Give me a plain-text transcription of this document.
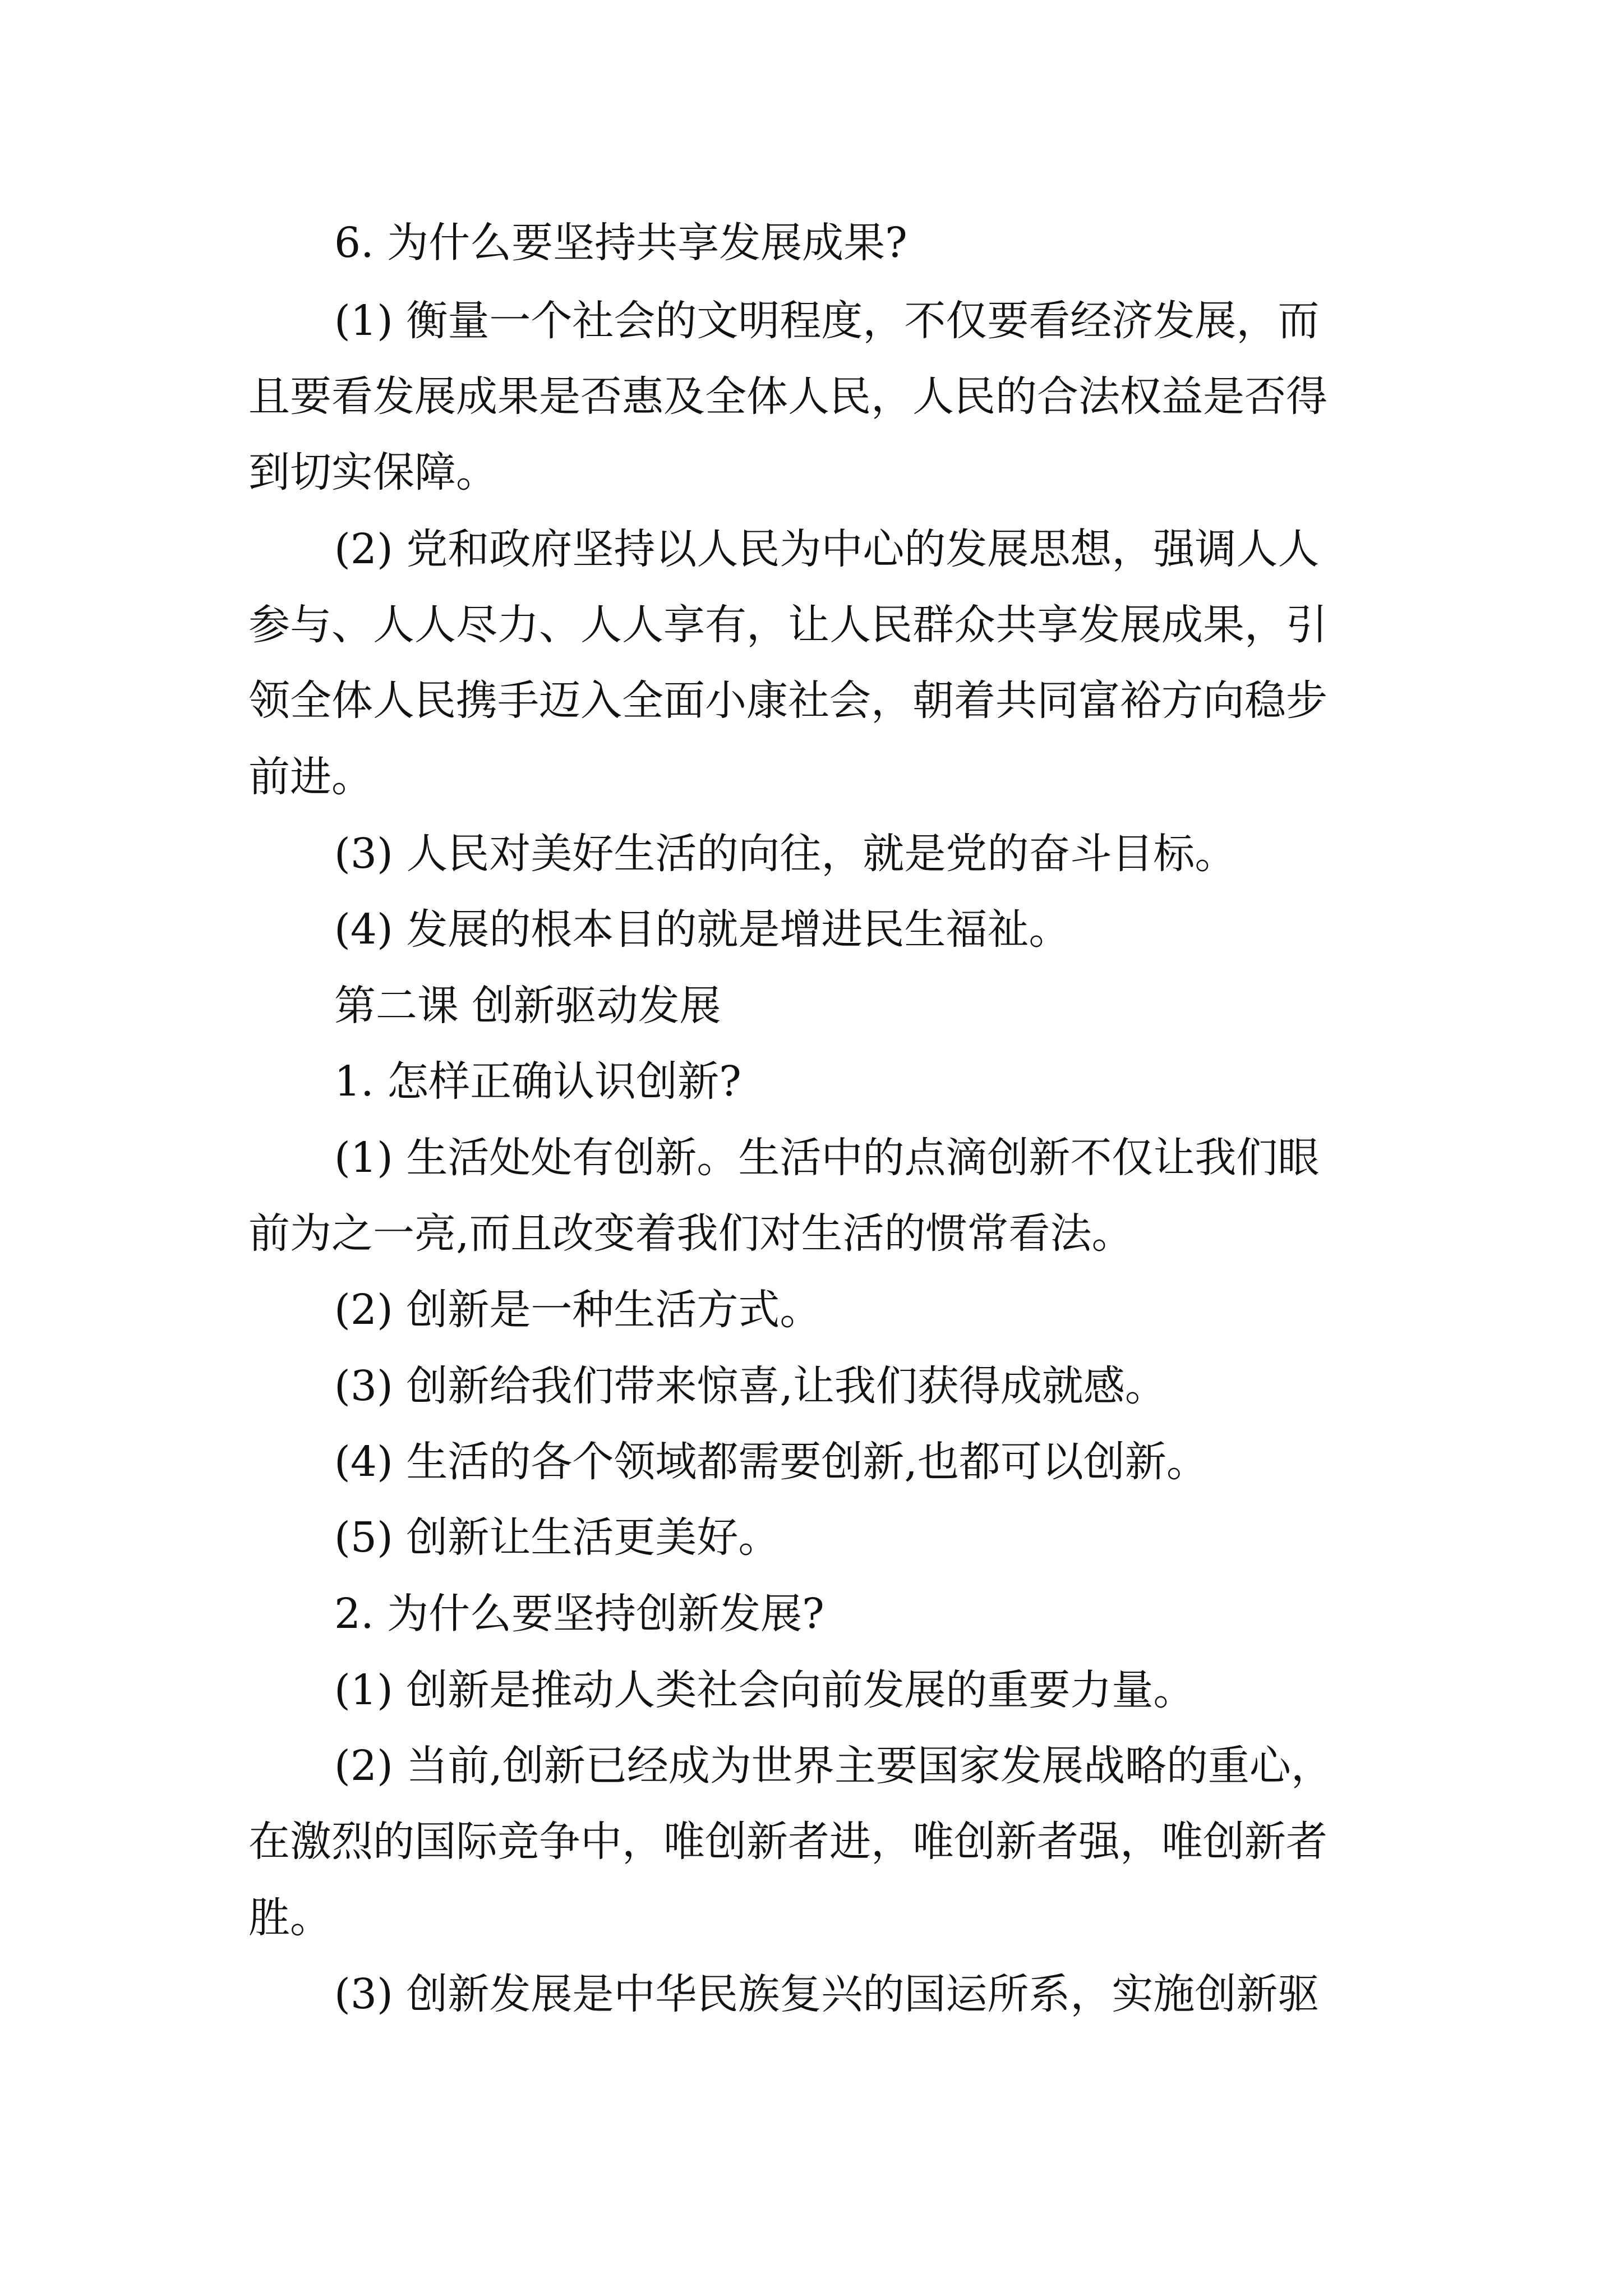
6. 为什么要坚持共享发展成果?
(1) 衡量一个社会的文明程度，不仅要看经济发展，而
且要看发展成果是否惠及全体人民，人民的合法权益是否得
到切实保障。
(2) 党和政府坚持以人民为中心的发展思想，强调人人
参与、人人尽力、人人享有，让人民群众共享发展成果，引
领全体人民携手迈入全面小康社会，朝着共同富裕方向稳步
前进。
(3) 人民对美好生活的向往，就是党的奋斗目标。
(4) 发展的根本目的就是增进民生福祉。
第二课 创新驱动发展
1. 怎样正确认识创新?
(1) 生活处处有创新。生活中的点滴创新不仅让我们眼
前为之一亮,而且改变着我们对生活的惯常看法。
(2) 创新是一种生活方式。
(3) 创新给我们带来惊喜,让我们获得成就感。
(4) 生活的各个领域都需要创新,也都可以创新。
(5) 创新让生活更美好。
2. 为什么要坚持创新发展?
(1) 创新是推动人类社会向前发展的重要力量。
(2) 当前,创新已经成为世界主要国家发展战略的重心，
在激烈的国际竞争中，唯创新者进，唯创新者强，唯创新者
胜。
(3) 创新发展是中华民族复兴的国运所系，实施创新驱
